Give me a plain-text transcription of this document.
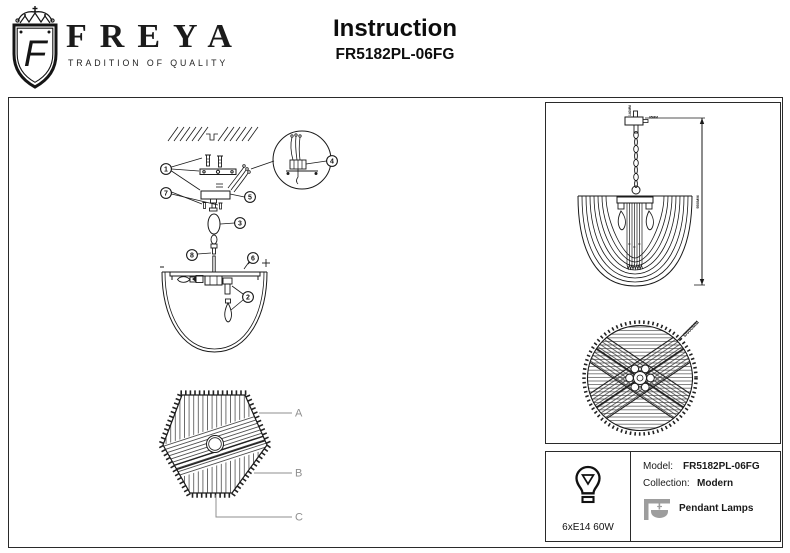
F FREYA
TRADITION OF QUALITY
Instruction
FR5182PL-06FG
1
7
5
3
4
8	6
2
A
B
C
140MM
95MM
950MM
Ø500MM
6xE14 60W
Model: FR5182PL-06FG
Collection: Modern
Pendant Lamps
